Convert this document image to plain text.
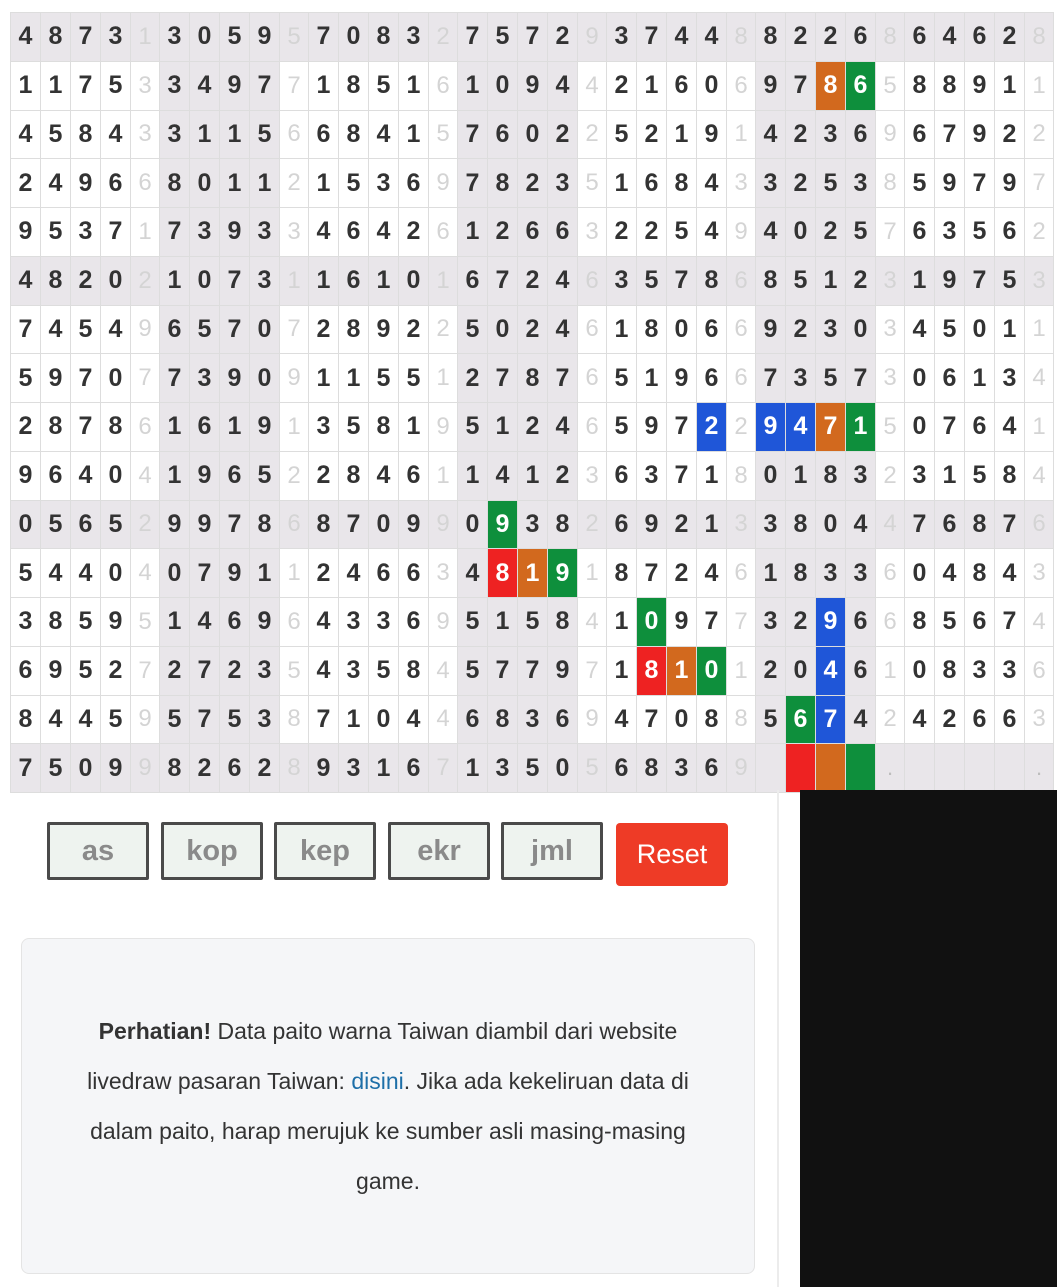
4 8 7 3 1 3 0 5 9 5 7 0 8 3 2 7 5 7 2 9 3 7 4 4 8 8 2 2 6 8 6 4 6 2 8
1 1 7 5 3 3 4 9 7 7 1 8 5 1 6 1 0 9 4 4 2 1 6 0 6 9 7 8 6 5 8 8 9 1 1
4 5 8 4 3 3 1 1 5 6 6 8 4 1 5 7 6 0 2 2 5 2 1 9 1 4 2 3 6 9 6 7 9 2 2
2 4 9 6 6 8 0 1 1 2 1 5 3 6 9 7 8 2 3 5 1 6 8 4 3 3 2 5 3 8 5 9 7 9 7
9 5 3 7 1 7 3 9 3 3 4 6 4 2 6 1 2 6 6 3 2 2 5 4 9 4 0 2 5 7 6 3 5 6 2
4 8 2 0 2 1 0 7 3 1 1 6 1 0 1 6 7 2 4 6 3 5 7 8 6 8 5 1 2 3 1 9 7 5 3
7 4 5 4 9 6 5 7 0 7 2 8 9 2 2 5 0 2 4 6 1 8 0 6 6 9 2 3 0 3 4 5 0 1 1
5 9 7 0 7 7 3 9 0 9 1 1 5 5 1 2 7 8 7 6 5 1 9 6 6 7 3 5 7 3 0 6 1 3 4
2 8 7 8 6 1 6 1 9 1 3 5 8 1 9 5 1 2 4 6 5 9 7 2 2 9 4 7 1 5 0 7 6 4 1
9 6 4 0 4 1 9 6 5 2 2 8 4 6 1 1 4 1 2 3 6 3 7 1 8 0 1 8 3 2 3 1 5 8 4
0 5 6 5 2 9 9 7 8 6 8 7 0 9 9 0 9 3 8 2 6 9 2 1 3 3 8 0 4 4 7 6 8 7 6
5 4 4 0 4 0 7 9 1 1 2 4 6 6 3 4 8 1 9 1 8 7 2 4 6 1 8 3 3 6 0 4 8 4 3
3 8 5 9 5 1 4 6 9 6 4 3 3 6 9 5 1 5 8 4 1 0 9 7 7 3 2 9 6 6 8 5 6 7 4
6 9 5 2 7 2 7 2 3 5 4 3 5 8 4 5 7 7 9 7 1 8 1 0 1 2 0 4 6 1 0 8 3 3 6
8 4 4 5 9 5 7 5 3 8 7 1 0 4 4 6 8 3 6 9 4 7 0 8 8 5 6 7 4 2 4 2 6 6 3
7 5 0 9 9 8 2 6 2 8 9 3 1 6 7 1 3 5 0 5 6 8 3 6 9	.	.
as
kop
kep
ekr
jml
Reset

Perhatian! Data paito warna Taiwan diambil dari website livedraw pasaran Taiwan: disini. Jika ada kekeliruan data di dalam paito, harap merujuk ke sumber asli masing-masing game.
